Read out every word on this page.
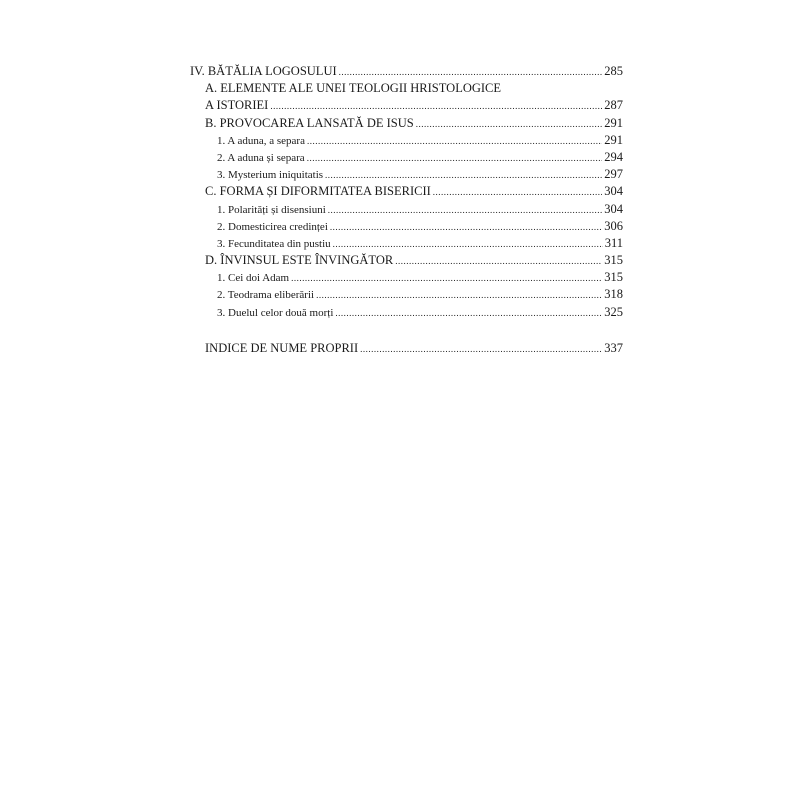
IV. BĂTĂLIA LOGOSULUI .....	285
A. ELEMENTE ALE UNEI TEOLOGII HRISTOLOGICE
A ISTORIEI .....	287
B. PROVOCAREA LANSATĂ DE ISUS .....	291
1. A aduna, a separa .....	291
2. A aduna și separa .....	294
3. Mysterium iniquitatis .....	297
C. FORMA ȘI DIFORMITATEA BISERICII .....	304
1. Polarități și disensiuni .....	304
2. Domesticirea credinței .....	306
3. Fecunditatea din pustiu .....	311
D. ÎNVINSUL ESTE ÎNVINGĂTOR .....	315
1. Cei doi Adam .....	315
2. Teodrama eliberării .....	318
3. Duelul celor două morți .....	325
INDICE DE NUME PROPRII .....	337
